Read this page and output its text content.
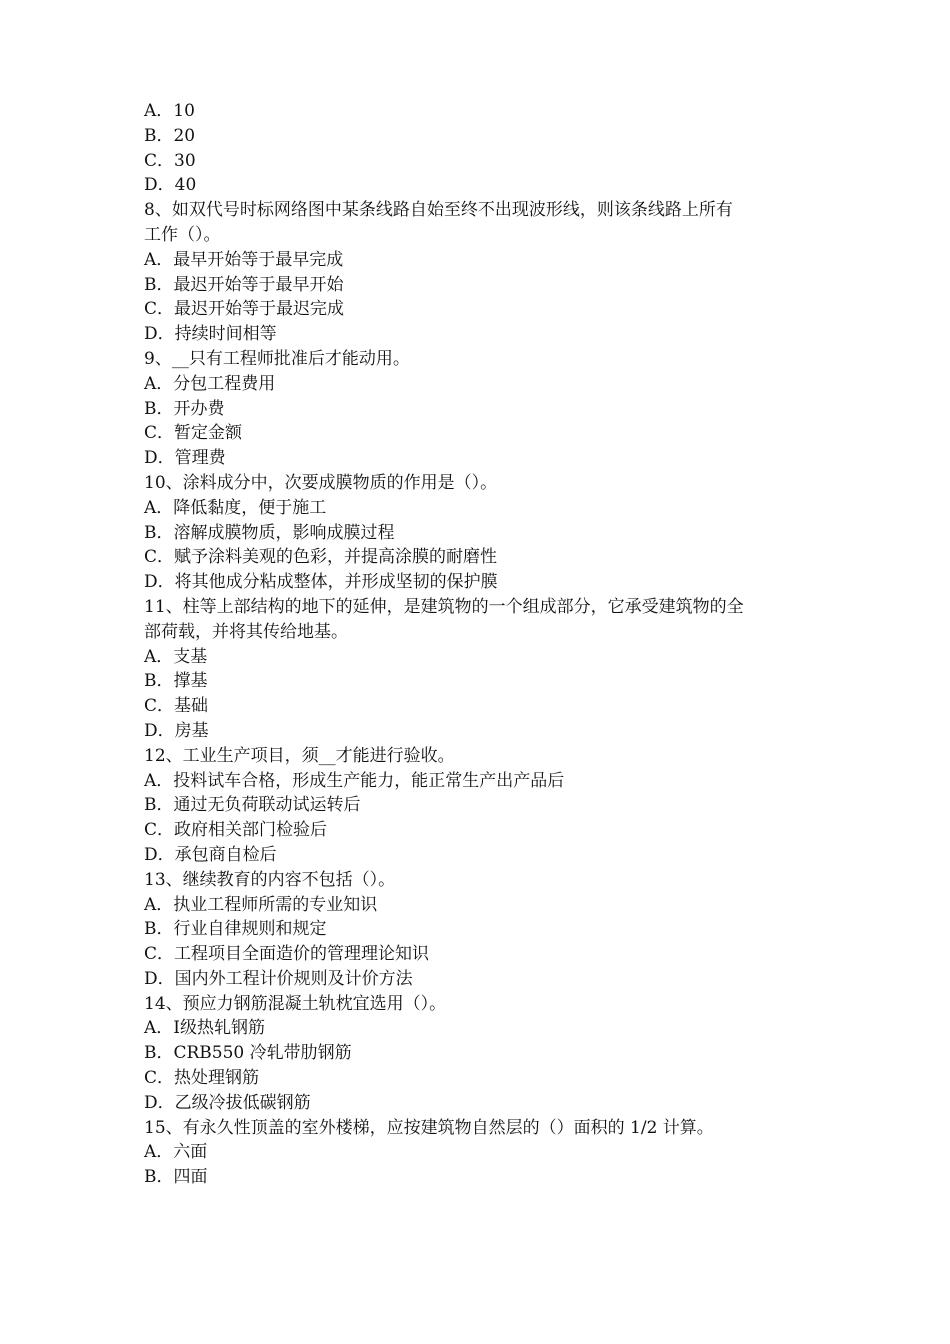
A．10
B．20
C．30
D．40
8、如双代号时标网络图中某条线路自始至终不出现波形线，则该条线路上所有
工作（）。
A．最早开始等于最早完成
B．最迟开始等于最早开始
C．最迟开始等于最迟完成
D．持续时间相等
9、__只有工程师批准后才能动用。
A．分包工程费用
B．开办费
C．暂定金额
D．管理费
10、涂料成分中，次要成膜物质的作用是（）。
A．降低黏度，便于施工
B．溶解成膜物质，影响成膜过程
C．赋予涂料美观的色彩，并提高涂膜的耐磨性
D．将其他成分粘成整体，并形成坚韧的保护膜
11、柱等上部结构的地下的延伸，是建筑物的一个组成部分，它承受建筑物的全
部荷载，并将其传给地基。
A．支基
B．撑基
C．基础
D．房基
12、工业生产项目，须__才能进行验收。
A．投料试车合格，形成生产能力，能正常生产出产品后
B．通过无负荷联动试运转后
C．政府相关部门检验后
D．承包商自检后
13、继续教育的内容不包括（）。
A．执业工程师所需的专业知识
B．行业自律规则和规定
C．工程项目全面造价的管理理论知识
D．国内外工程计价规则及计价方法
14、预应力钢筋混凝土轨枕宜选用（）。
A．Ⅰ级热轧钢筋
B．CRB550 冷轧带肋钢筋
C．热处理钢筋
D．乙级冷拔低碳钢筋
15、有永久性顶盖的室外楼梯，应按建筑物自然层的（）面积的 1/2 计算。
A．六面
B．四面
